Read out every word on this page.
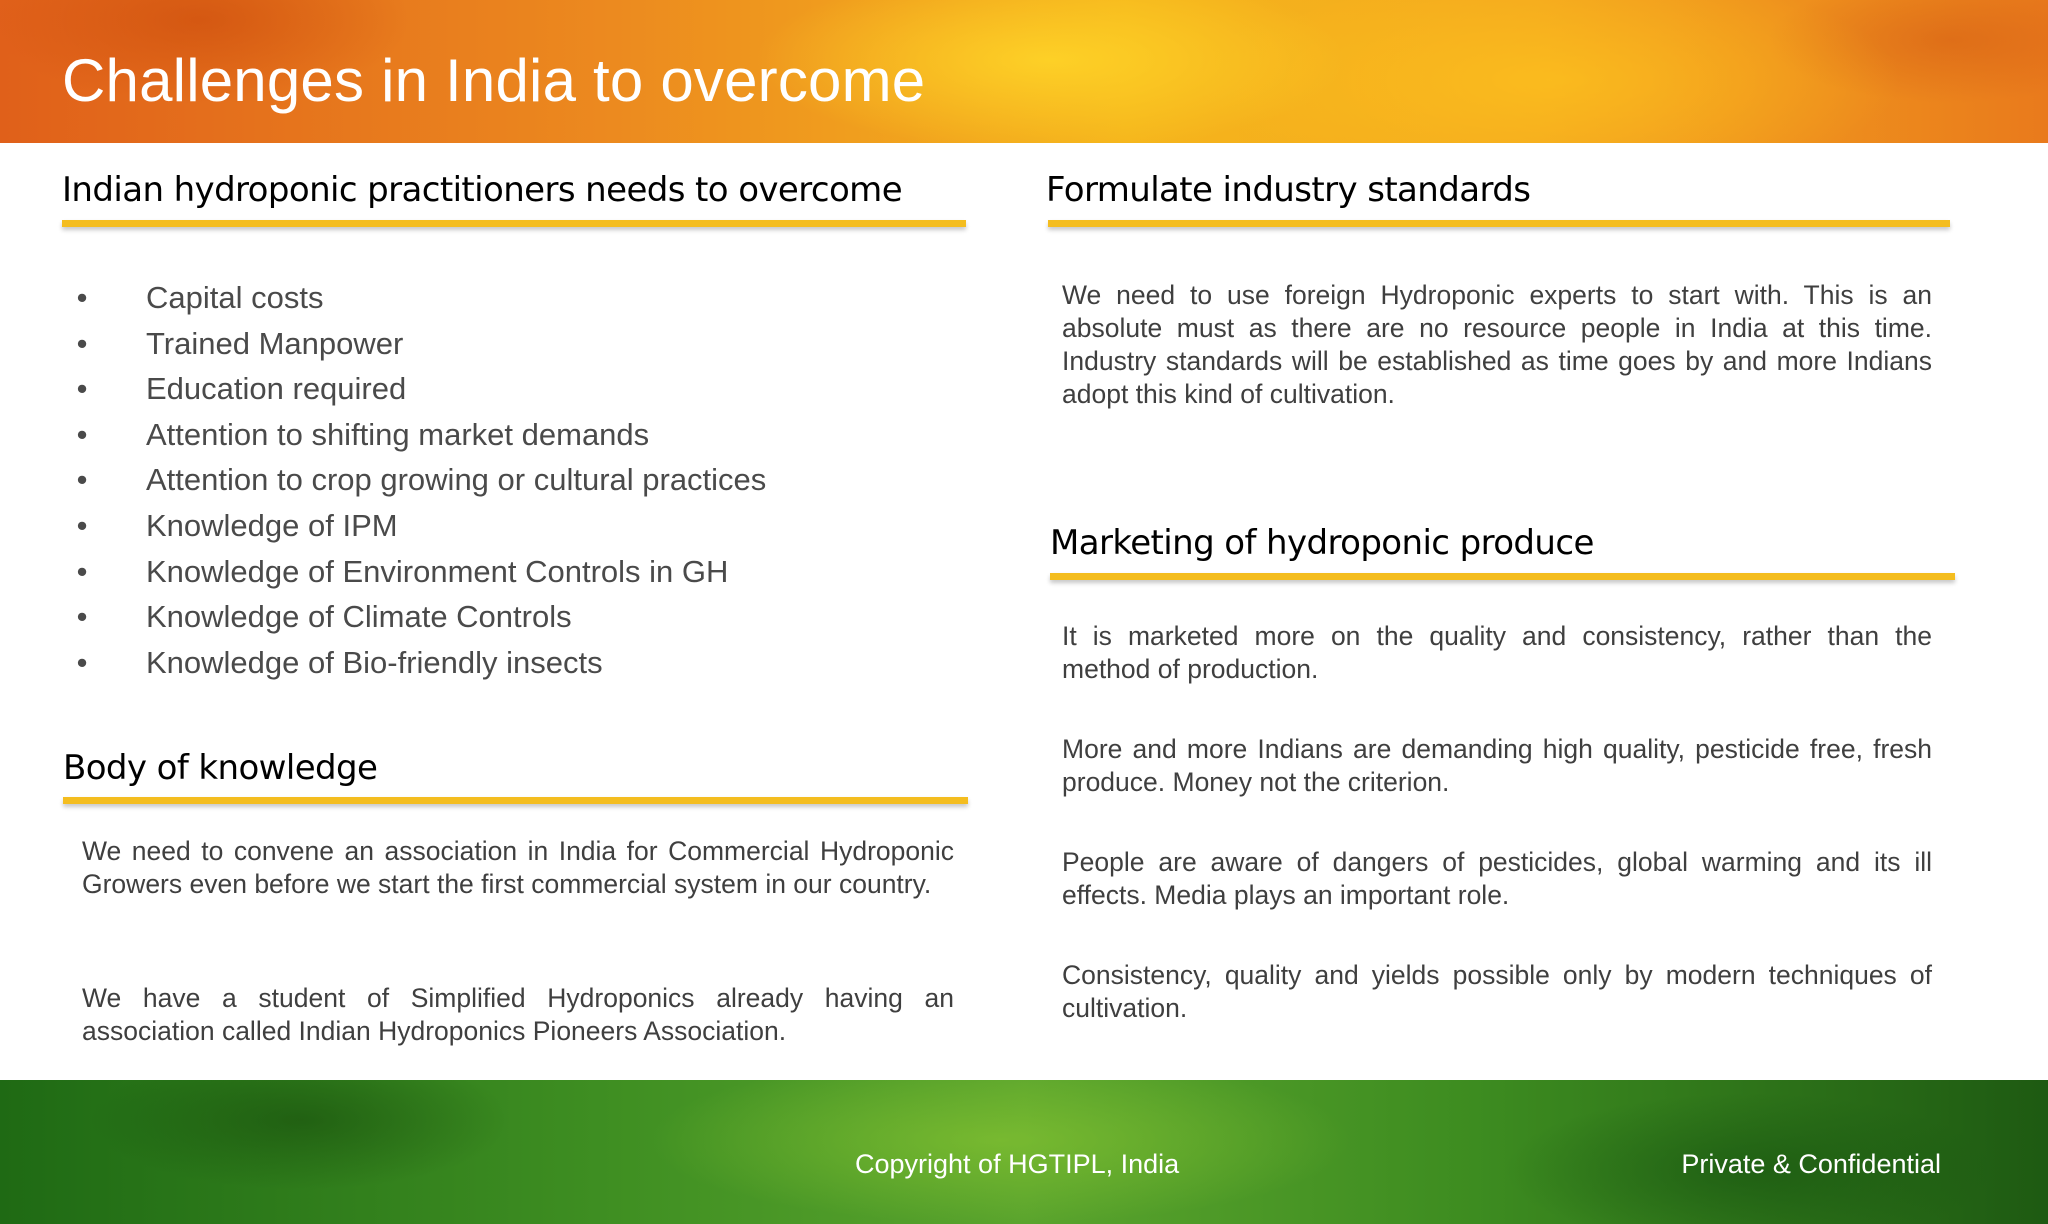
Challenges in India to overcome
Indian hydroponic practitioners needs to overcome
• Capital costs
• Trained Manpower
• Education required
• Attention to shifting market demands
• Attention to crop growing or cultural practices
• Knowledge of IPM
• Knowledge of Environment Controls in GH
• Knowledge of Climate Controls
• Knowledge of Bio-friendly insects
Body of knowledge

We need to convene an association in India for Commercial Hydroponic Growers even before we start the first commercial system in our country.

We have a student of Simplified Hydroponics already having an association called Indian Hydroponics Pioneers Association.

Formulate industry standards

We need to use foreign Hydroponic experts to start with. This is an absolute must as there are no resource people in India at this time. Industry standards will be established as time goes by and more Indians adopt this kind of cultivation.

Marketing of hydroponic produce

It is marketed more on the quality and consistency, rather than the method of production.

More and more Indians are demanding high quality, pesticide free, fresh produce. Money not the criterion.

People are aware of dangers of pesticides, global warming and its ill effects. Media plays an important role.

Consistency, quality and yields possible only by modern techniques of cultivation.

Copyright of HGTIPL, India	Private & Confidential
